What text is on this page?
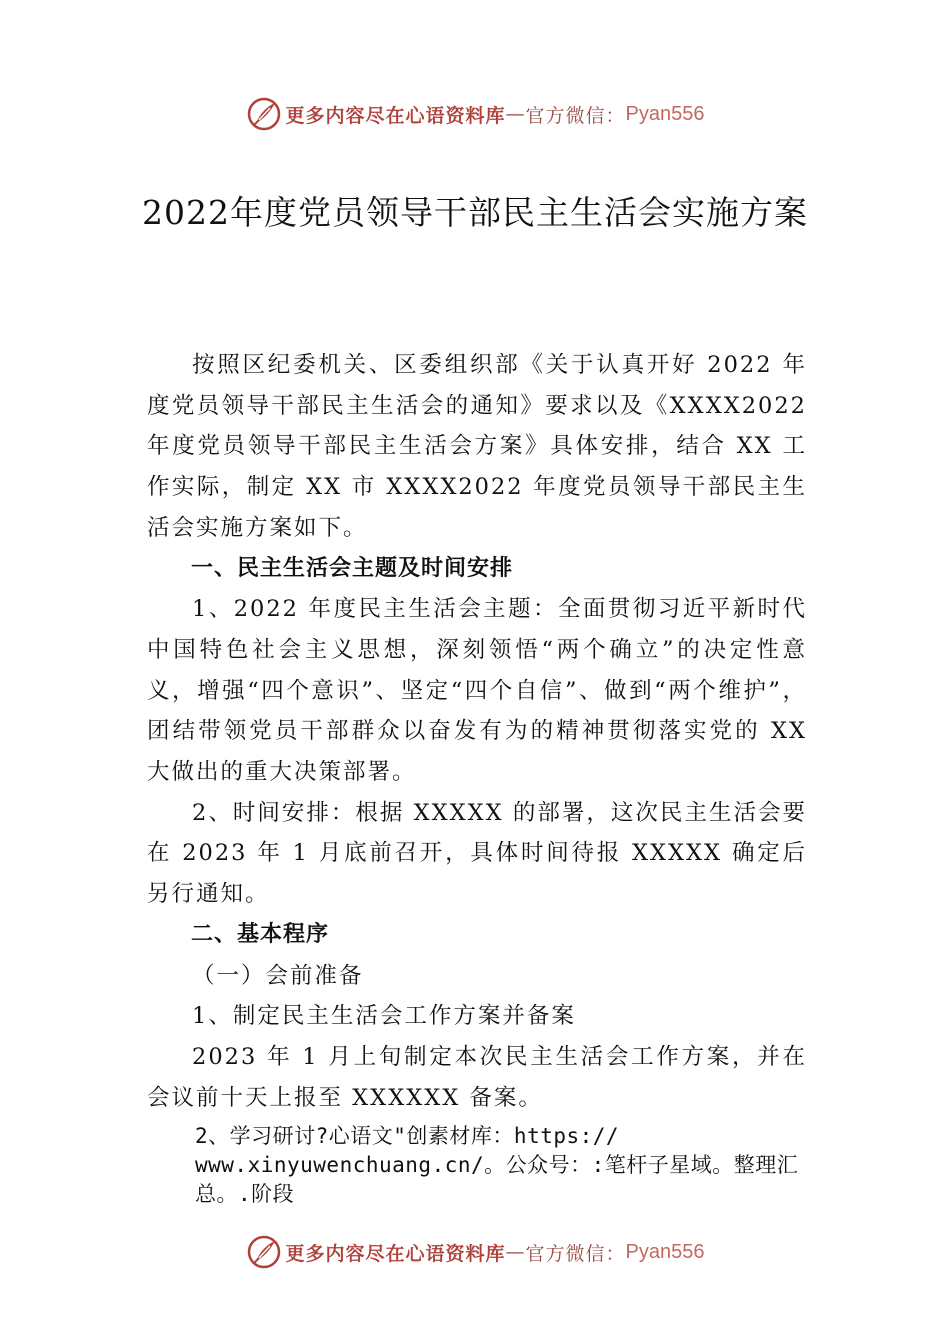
更多内容尽在心语资料库 — 官方微信： Pyan556
2022年度党员领导干部民主生活会实施方案

按照区纪委机关、区委组织部《关于认真开好 2022 年度党员领导干部民主生活会的通知》要求以及《XXXX2022 年度党员领导干部民主生活会方案》具体安排，结合 XX 工作实际，制定 XX 市 XXXX2022 年度党员领导干部民主生活会实施方案如下。

一、民主生活会主题及时间安排

1、2022 年度民主生活会主题：全面贯彻习近平新时代中国特色社会主义思想，深刻领悟“两个确立”的决定性意义，增强“四个意识”、坚定“四个自信”、做到“两个维护”，团结带领党员干部群众以奋发有为的精神贯彻落实党的 XX 大做出的重大决策部署。

2、时间安排：根据 XXXXX 的部署，这次民主生活会要在 2023 年 1 月底前召开，具体时间待报 XXXXX 确定后另行通知。

二、基本程序

（一）会前准备

1、制定民主生活会工作方案并备案

2023 年 1 月上旬制定本次民主生活会工作方案，并在会议前十天上报至 XXXXXX 备案。

2、学习研讨?心语文"创素材库：https:// www.xinyuwenchuang.cn/。公众号：:笔杆子星域。整理汇总。.阶段

更多内容尽在心语资料库 — 官方微信： Pyan556
